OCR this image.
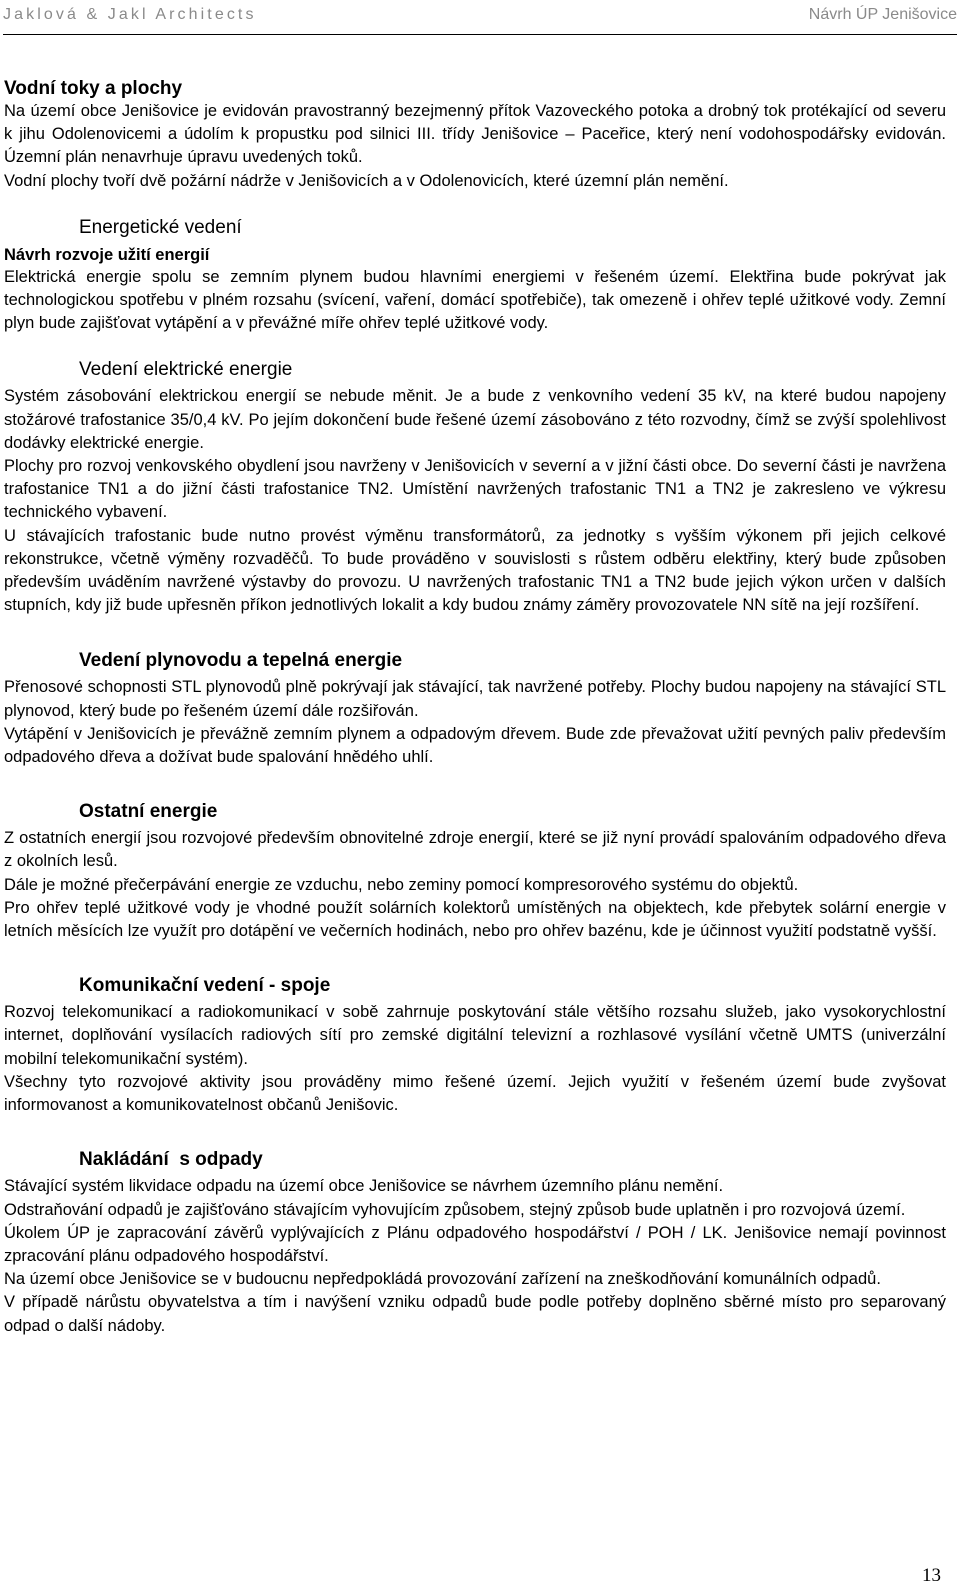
Jaklová & Jakl Architects	Návrh ÚP Jenišovice
Vodní toky a plochy

Na území obce Jenišovice je evidován pravostranný bezejmenný přítok Vazoveckého potoka a drobný tok protékající od severu k jihu Odolenovicemi a údolím k propustku pod silnici III. třídy Jenišovice – Paceřice, který není vodohospodářsky evidován. Územní plán nenavrhuje úpravu uvedených toků.

Vodní plochy tvoří dvě požární nádrže v Jenišovicích a v Odolenovicích, které územní plán nemění.

Energetické vedení
Návrh rozvoje užití energií

Elektrická energie spolu se zemním plynem budou hlavními energiemi v řešeném území. Elektřina bude pokrývat jak technologickou spotřebu v plném rozsahu (svícení, vaření, domácí spotřebiče), tak omezeně i ohřev teplé užitkové vody. Zemní plyn bude zajišťovat vytápění a v převážné míře ohřev teplé užitkové vody.

Vedení elektrické energie

Systém zásobování elektrickou energií se nebude měnit. Je a bude z venkovního vedení 35 kV, na které budou napojeny stožárové trafostanice 35/0,4 kV. Po jejím dokončení bude řešené území zásobováno z této rozvodny, čímž se zvýší spolehlivost dodávky elektrické energie.

Plochy pro rozvoj venkovského obydlení jsou navrženy v Jenišovicích v severní a v jižní části obce. Do severní části je navržena trafostanice TN1 a do jižní části trafostanice TN2. Umístění navržených trafostanic TN1 a TN2 je zakresleno ve výkresu technického vybavení.

U stávajících trafostanic bude nutno provést výměnu transformátorů, za jednotky s vyšším výkonem při jejich celkové rekonstrukce, včetně výměny rozvaděčů. To bude prováděno v souvislosti s růstem odběru elektřiny, který bude způsoben především uváděním navržené výstavby do provozu. U navržených trafostanic TN1 a TN2 bude jejich výkon určen v dalších stupních, kdy již bude upřesněn příkon jednotlivých lokalit a kdy budou známy záměry provozovatele NN sítě na její rozšíření.

Vedení plynovodu a tepelná energie

Přenosové schopnosti STL plynovodů plně pokrývají jak stávající, tak navržené potřeby. Plochy budou napojeny na stávající STL plynovod, který bude po řešeném území dále rozšiřován.

Vytápění v Jenišovicích je převážně zemním plynem a odpadovým dřevem. Bude zde převažovat užití pevných paliv především odpadového dřeva a dožívat bude spalování hnědého uhlí.

Ostatní energie

Z ostatních energií jsou rozvojové především obnovitelné zdroje energií, které se již nyní provádí spalováním odpadového dřeva z okolních lesů.

Dále je možné přečerpávání energie ze vzduchu, nebo zeminy pomocí kompresorového systému do objektů.

Pro ohřev teplé užitkové vody je vhodné použít solárních kolektorů umístěných na objektech, kde přebytek solární energie v letních měsících lze využít pro dotápění ve večerních hodinách, nebo pro ohřev bazénu, kde je účinnost využití podstatně vyšší.

Komunikační vedení - spoje

Rozvoj telekomunikací a radiokomunikací v sobě zahrnuje poskytování stále většího rozsahu služeb, jako vysokorychlostní internet, doplňování vysílacích radiových sítí pro zemské digitální televizní a rozhlasové vysílání včetně UMTS (univerzální mobilní telekomunikační systém).

Všechny tyto rozvojové aktivity jsou prováděny mimo řešené území. Jejich využití v řešeném území bude zvyšovat informovanost a komunikovatelnost občanů Jenišovic.

Nakládání  s odpady

Stávající systém likvidace odpadu na území obce Jenišovice se návrhem územního plánu nemění.

Odstraňování odpadů je zajišťováno stávajícím vyhovujícím způsobem, stejný způsob bude uplatněn i pro rozvojová území.

Úkolem ÚP je zapracování závěrů vyplývajících z Plánu odpadového hospodářství / POH / LK. Jenišovice nemají povinnost zpracování plánu odpadového hospodářství.

Na území obce Jenišovice se v budoucnu nepředpokládá provozování zařízení na zneškodňování komunálních odpadů.

V případě nárůstu obyvatelstva a tím i navýšení vzniku odpadů bude podle potřeby doplněno sběrné místo pro separovaný odpad o další nádoby.

13
